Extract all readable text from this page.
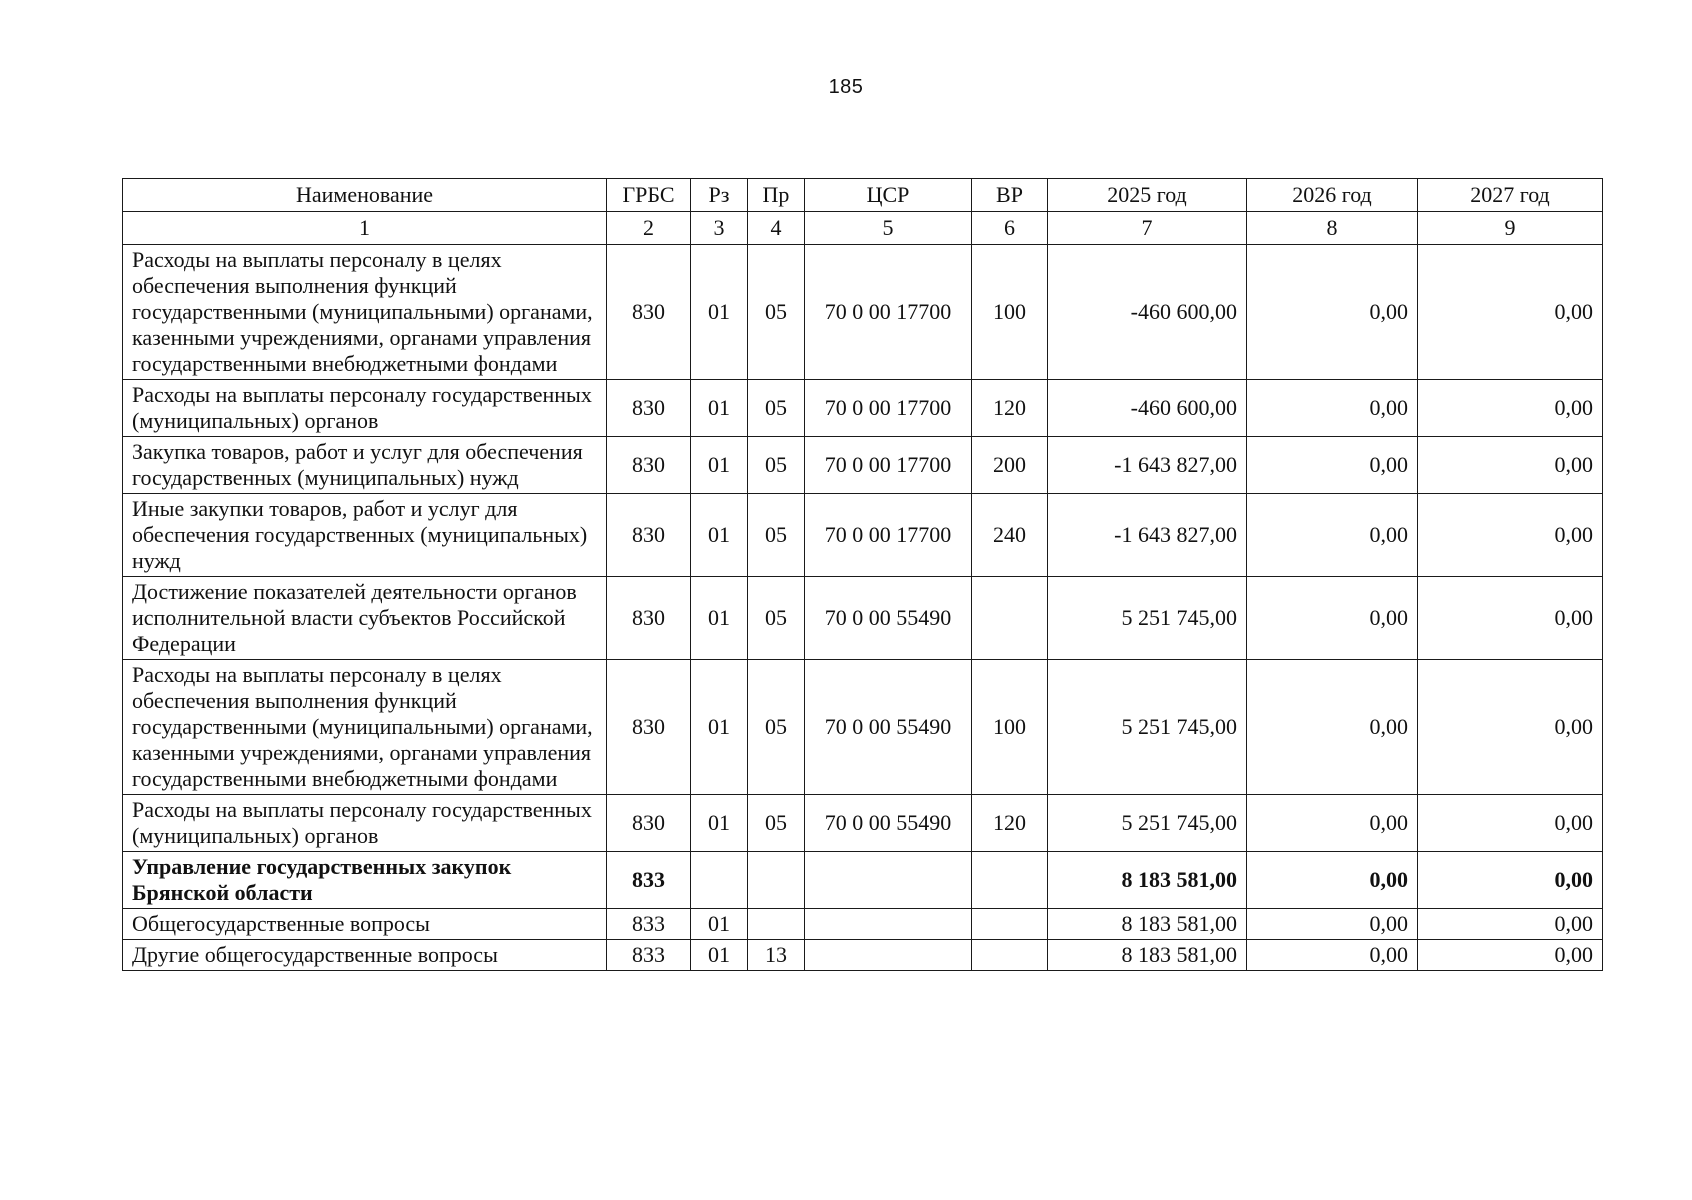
185
Наименование	ГРБС	Рз	Пр	ЦСР	ВР	2025 год	2026 год	2027 год
1	2	3	4	5	6	7	8	9
Расходы на выплаты персоналу в целях обеспечения выполнения функций государственными (муниципальными) органами, казенными учреждениями, органами управления государственными внебюджетными фондами	830	01	05	70 0 00 17700	100	-460 600,00	0,00	0,00
Расходы на выплаты персоналу государственных (муниципальных) органов	830	01	05	70 0 00 17700	120	-460 600,00	0,00	0,00
Закупка товаров, работ и услуг для обеспечения государственных (муниципальных) нужд	830	01	05	70 0 00 17700	200	-1 643 827,00	0,00	0,00
Иные закупки товаров, работ и услуг для обеспечения государственных (муниципальных) нужд	830	01	05	70 0 00 17700	240	-1 643 827,00	0,00	0,00
Достижение показателей деятельности органов исполнительной власти субъектов Российской Федерации	830	01	05	70 0 00 55490		5 251 745,00	0,00	0,00
Расходы на выплаты персоналу в целях обеспечения выполнения функций государственными (муниципальными) органами, казенными учреждениями, органами управления государственными внебюджетными фондами	830	01	05	70 0 00 55490	100	5 251 745,00	0,00	0,00
Расходы на выплаты персоналу государственных (муниципальных) органов	830	01	05	70 0 00 55490	120	5 251 745,00	0,00	0,00
Управление государственных закупок Брянской области	833					8 183 581,00	0,00	0,00
Общегосударственные вопросы	833	01				8 183 581,00	0,00	0,00
Другие общегосударственные вопросы	833	01	13			8 183 581,00	0,00	0,00
